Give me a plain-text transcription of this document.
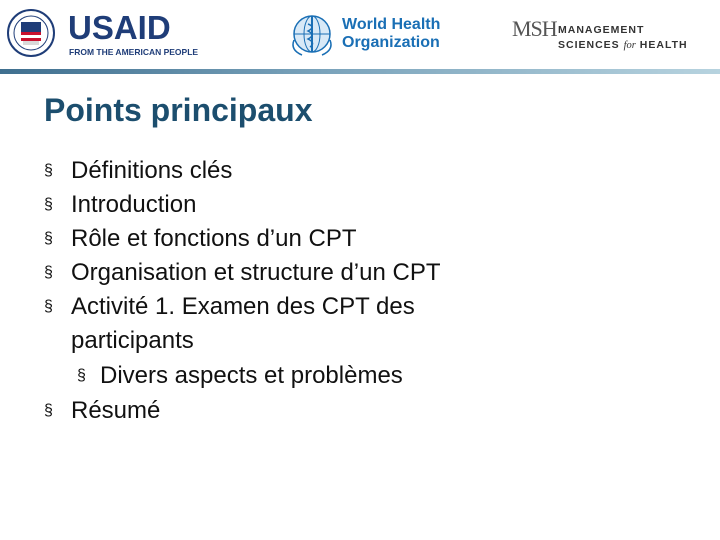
USAID
FROM THE AMERICAN PEOPLE
World Health
Organization
MSH MANAGEMENT
SCIENCES for HEALTH
Points principaux
§ Définitions clés
§ Introduction
§ Rôle et fonctions d’un CPT
§ Organisation et structure d’un CPT
§ Activité 1. Examen des CPT des participants
§ Divers aspects et problèmes
§ Résumé
